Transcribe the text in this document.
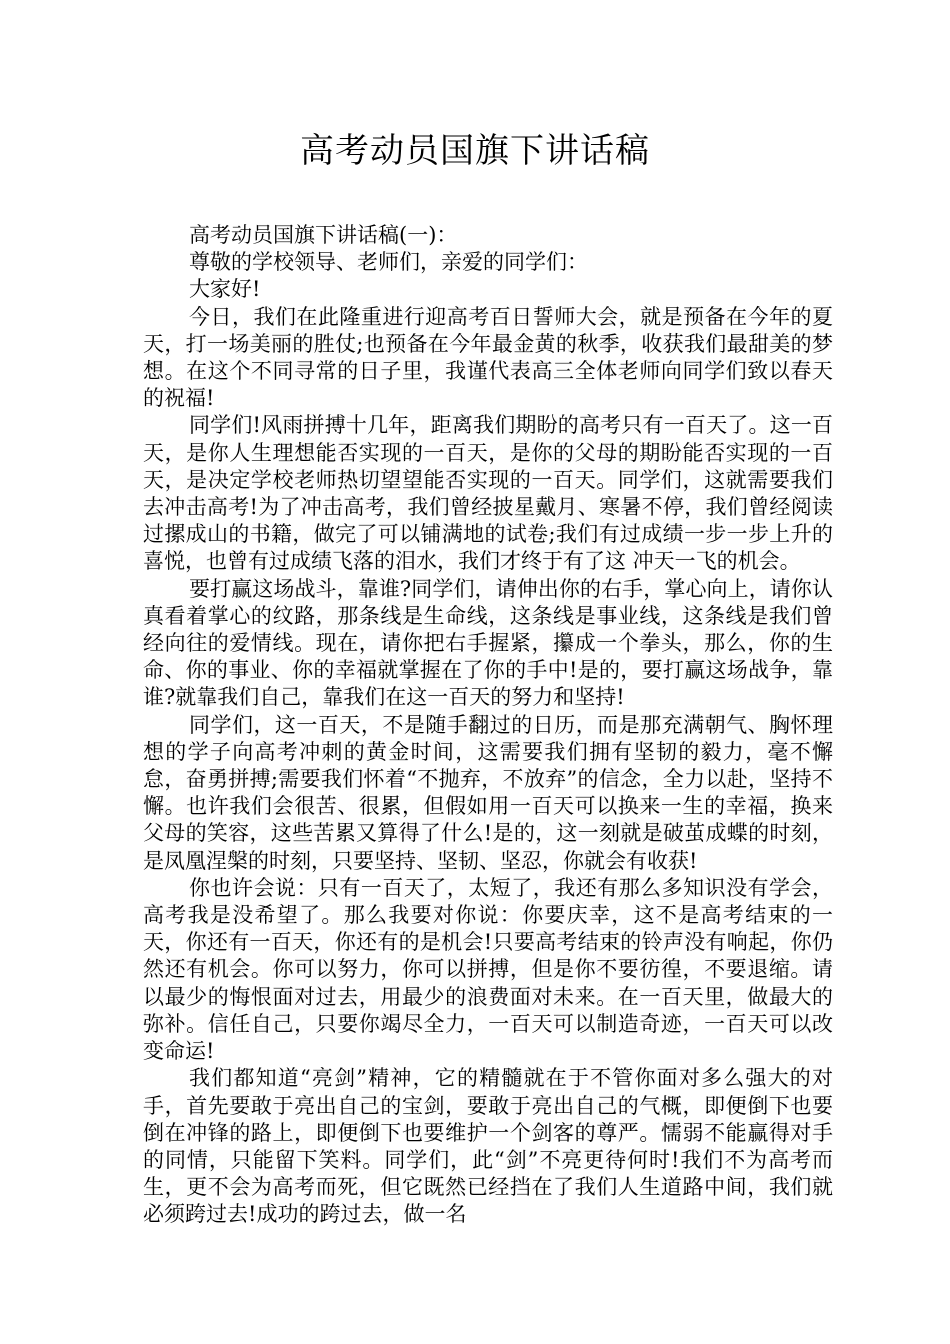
高考动员国旗下讲话稿

高考动员国旗下讲话稿(一)：

尊敬的学校领导、老师们，亲爱的同学们：

大家好!

今日，我们在此隆重进行迎高考百日誓师大会，就是预备在今年的夏天，打一场美丽的胜仗;也预备在今年最金黄的秋季，收获我们最甜美的梦想。在这个不同寻常的日子里，我谨代表高三全体老师向同学们致以春天的祝福!

同学们!风雨拼搏十几年，距离我们期盼的高考只有一百天了。这一百天，是你人生理想能否实现的一百天，是你的父母的期盼能否实现的一百天，是决定学校老师热切望望能否实现的一百天。同学们，这就需要我们去冲击高考!为了冲击高考，我们曾经披星戴月、寒暑不停，我们曾经阅读过摞成山的书籍，做完了可以铺满地的试卷;我们有过成绩一步一步上升的喜悦，也曾有过成绩飞落的泪水，我们才终于有了这 冲天一飞的机会。

要打赢这场战斗，靠谁?同学们，请伸出你的右手，掌心向上，请你认真看着掌心的纹路，那条线是生命线，这条线是事业线，这条线是我们曾经向往的爱情线。现在，请你把右手握紧，攥成一个拳头，那么，你的生命、你的事业、你的幸福就掌握在了你的手中!是的，要打赢这场战争，靠谁?就靠我们自己，靠我们在这一百天的努力和坚持!

同学们，这一百天，不是随手翻过的日历，而是那充满朝气、胸怀理想的学子向高考冲刺的黄金时间，这需要我们拥有坚韧的毅力，毫不懈怠，奋勇拼搏;需要我们怀着“不抛弃，不放弃”的信念，全力以赴，坚持不懈。也许我们会很苦、很累，但假如用一百天可以换来一生的幸福，换来父母的笑容，这些苦累又算得了什么!是的，这一刻就是破茧成蝶的时刻，是凤凰涅槃的时刻，只要坚持、坚韧、坚忍，你就会有收获!

你也许会说：只有一百天了，太短了，我还有那么多知识没有学会，高考我是没希望了。那么我要对你说：你要庆幸，这不是高考结束的一天，你还有一百天，你还有的是机会!只要高考结束的铃声没有响起，你仍然还有机会。你可以努力，你可以拼搏，但是你不要彷徨，不要退缩。请以最少的悔恨面对过去，用最少的浪费面对未来。在一百天里，做最大的弥补。信任自己，只要你竭尽全力，一百天可以制造奇迹，一百天可以改变命运!

我们都知道“亮剑”精神，它的精髓就在于不管你面对多么强大的对手，首先要敢于亮出自己的宝剑，要敢于亮出自己的气概，即便倒下也要倒在冲锋的路上，即便倒下也要维护一个剑客的尊严。懦弱不能赢得对手的同情，只能留下笑料。同学们，此“剑”不亮更待何时!我们不为高考而生，更不会为高考而死，但它既然已经挡在了我们人生道路中间，我们就必须跨过去!成功的跨过去，做一名
